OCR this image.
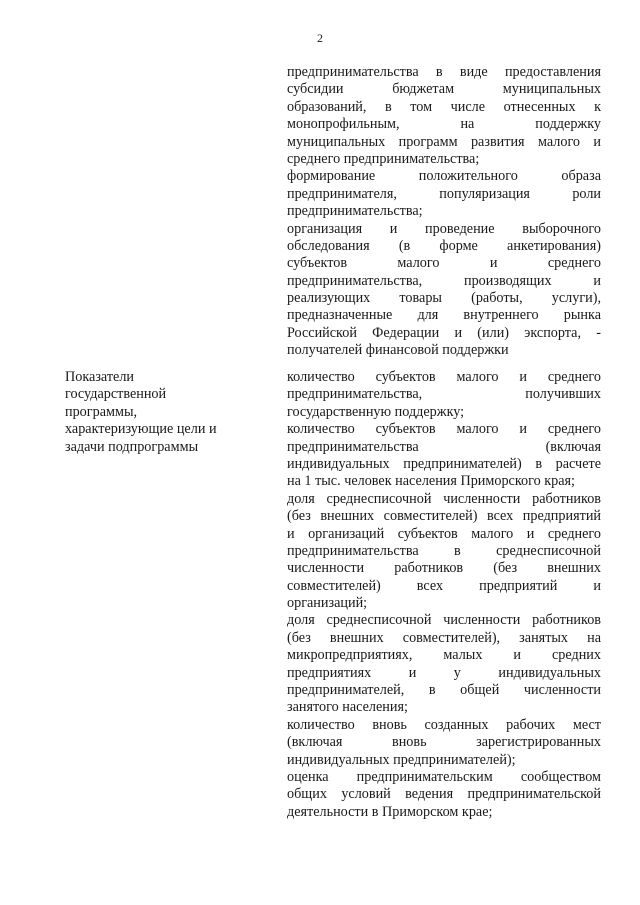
2
предпринимательства в виде предоставления
субсидии бюджетам муниципальных
образований, в том числе отнесенных к
монопрофильным, на поддержку
муниципальных программ развития малого и
среднего предпринимательства;
формирование положительного образа
предпринимателя, популяризация роли
предпринимательства;
организация и проведение выборочного
обследования (в форме анкетирования)
субъектов малого и среднего
предпринимательства, производящих и
реализующих товары (работы, услуги),
предназначенные для внутреннего рынка
Российской Федерации и (или) экспорта, -
получателей финансовой поддержки
Показатели
государственной
программы,
характеризующие цели и
задачи подпрограммы
количество субъектов малого и среднего
предпринимательства, получивших
государственную поддержку;
количество субъектов малого и среднего
предпринимательства (включая
индивидуальных предпринимателей) в расчете
на 1 тыс. человек населения Приморского края;
доля среднесписочной численности работников
(без внешних совместителей) всех предприятий
и организаций субъектов малого и среднего
предпринимательства в среднесписочной
численности работников (без внешних
совместителей) всех предприятий и
организаций;
доля среднесписочной численности работников
(без внешних совместителей), занятых на
микропредприятиях, малых и средних
предприятиях и у индивидуальных
предпринимателей, в общей численности
занятого населения;
количество вновь созданных рабочих мест
(включая вновь зарегистрированных
индивидуальных предпринимателей);
оценка предпринимательским сообществом
общих условий ведения предпринимательской
деятельности в Приморском крае;
